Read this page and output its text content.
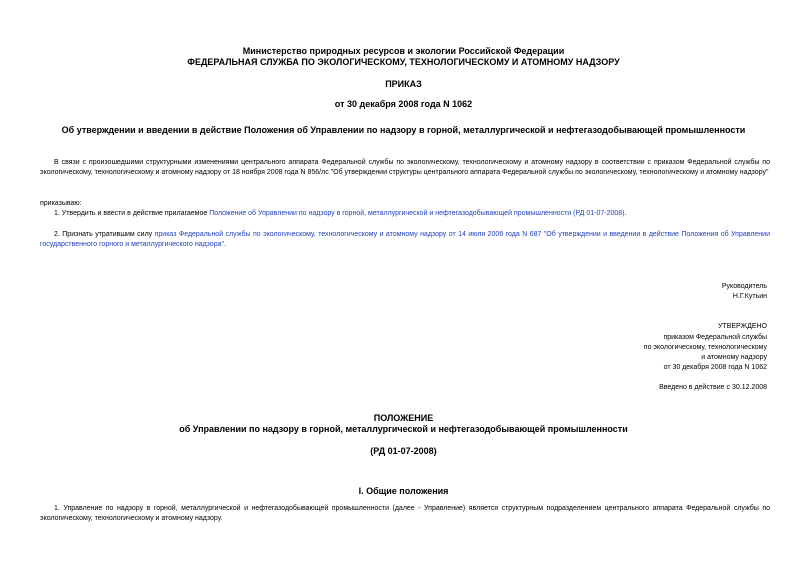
Министерство природных ресурсов и экологии Российской Федерации
ФЕДЕРАЛЬНАЯ СЛУЖБА ПО ЭКОЛОГИЧЕСКОМУ, ТЕХНОЛОГИЧЕСКОМУ И АТОМНОМУ НАДЗОРУ
ПРИКАЗ
от 30 декабря 2008 года N 1062
Об утверждении и введении в действие Положения об Управлении по надзору в горной, металлургической и нефтегазодобывающей промышленности
В связи с произошедшими структурными изменениями центрального аппарата Федеральной службы по экологическому, технологическому и атомному надзору в соответствии с приказом Федеральной службы по экологическому, технологическому и атомному надзору от 18 ноября 2008 года N 856/лс "Об утверждении структуры центрального аппарата Федеральной службы по экологическому, технологическому и атомному надзору"
приказываю:
1. Утвердить и ввести в действие прилагаемое Положение об Управлении по надзору в горной, металлургической и нефтегазодобывающей промышленности (РД 01-07-2008).
2. Признать утратившим силу приказ Федеральной службы по экологическому, технологическому и атомному надзору от 14 июля 2006 года N 687 "Об утверждении и введении в действие Положения об Управлении государственного горного и металлургического надзора".
Руководитель
Н.Г.Кутьин
УТВЕРЖДЕНО
приказом Федеральной службы
по экологическому, технологическому
и атомному надзору
от 30 декабря 2008 года N 1062
Введено в действие с 30.12.2008
ПОЛОЖЕНИЕ
об Управлении по надзору в горной, металлургической и нефтегазодобывающей промышленности
(РД 01-07-2008)
I. Общие положения
1. Управление по надзору в горной, металлургической и нефтегазодобывающей промышленности (далее - Управление) является структурным подразделением центрального аппарата Федеральной службы по экологическому, технологическому и атомному надзору.
